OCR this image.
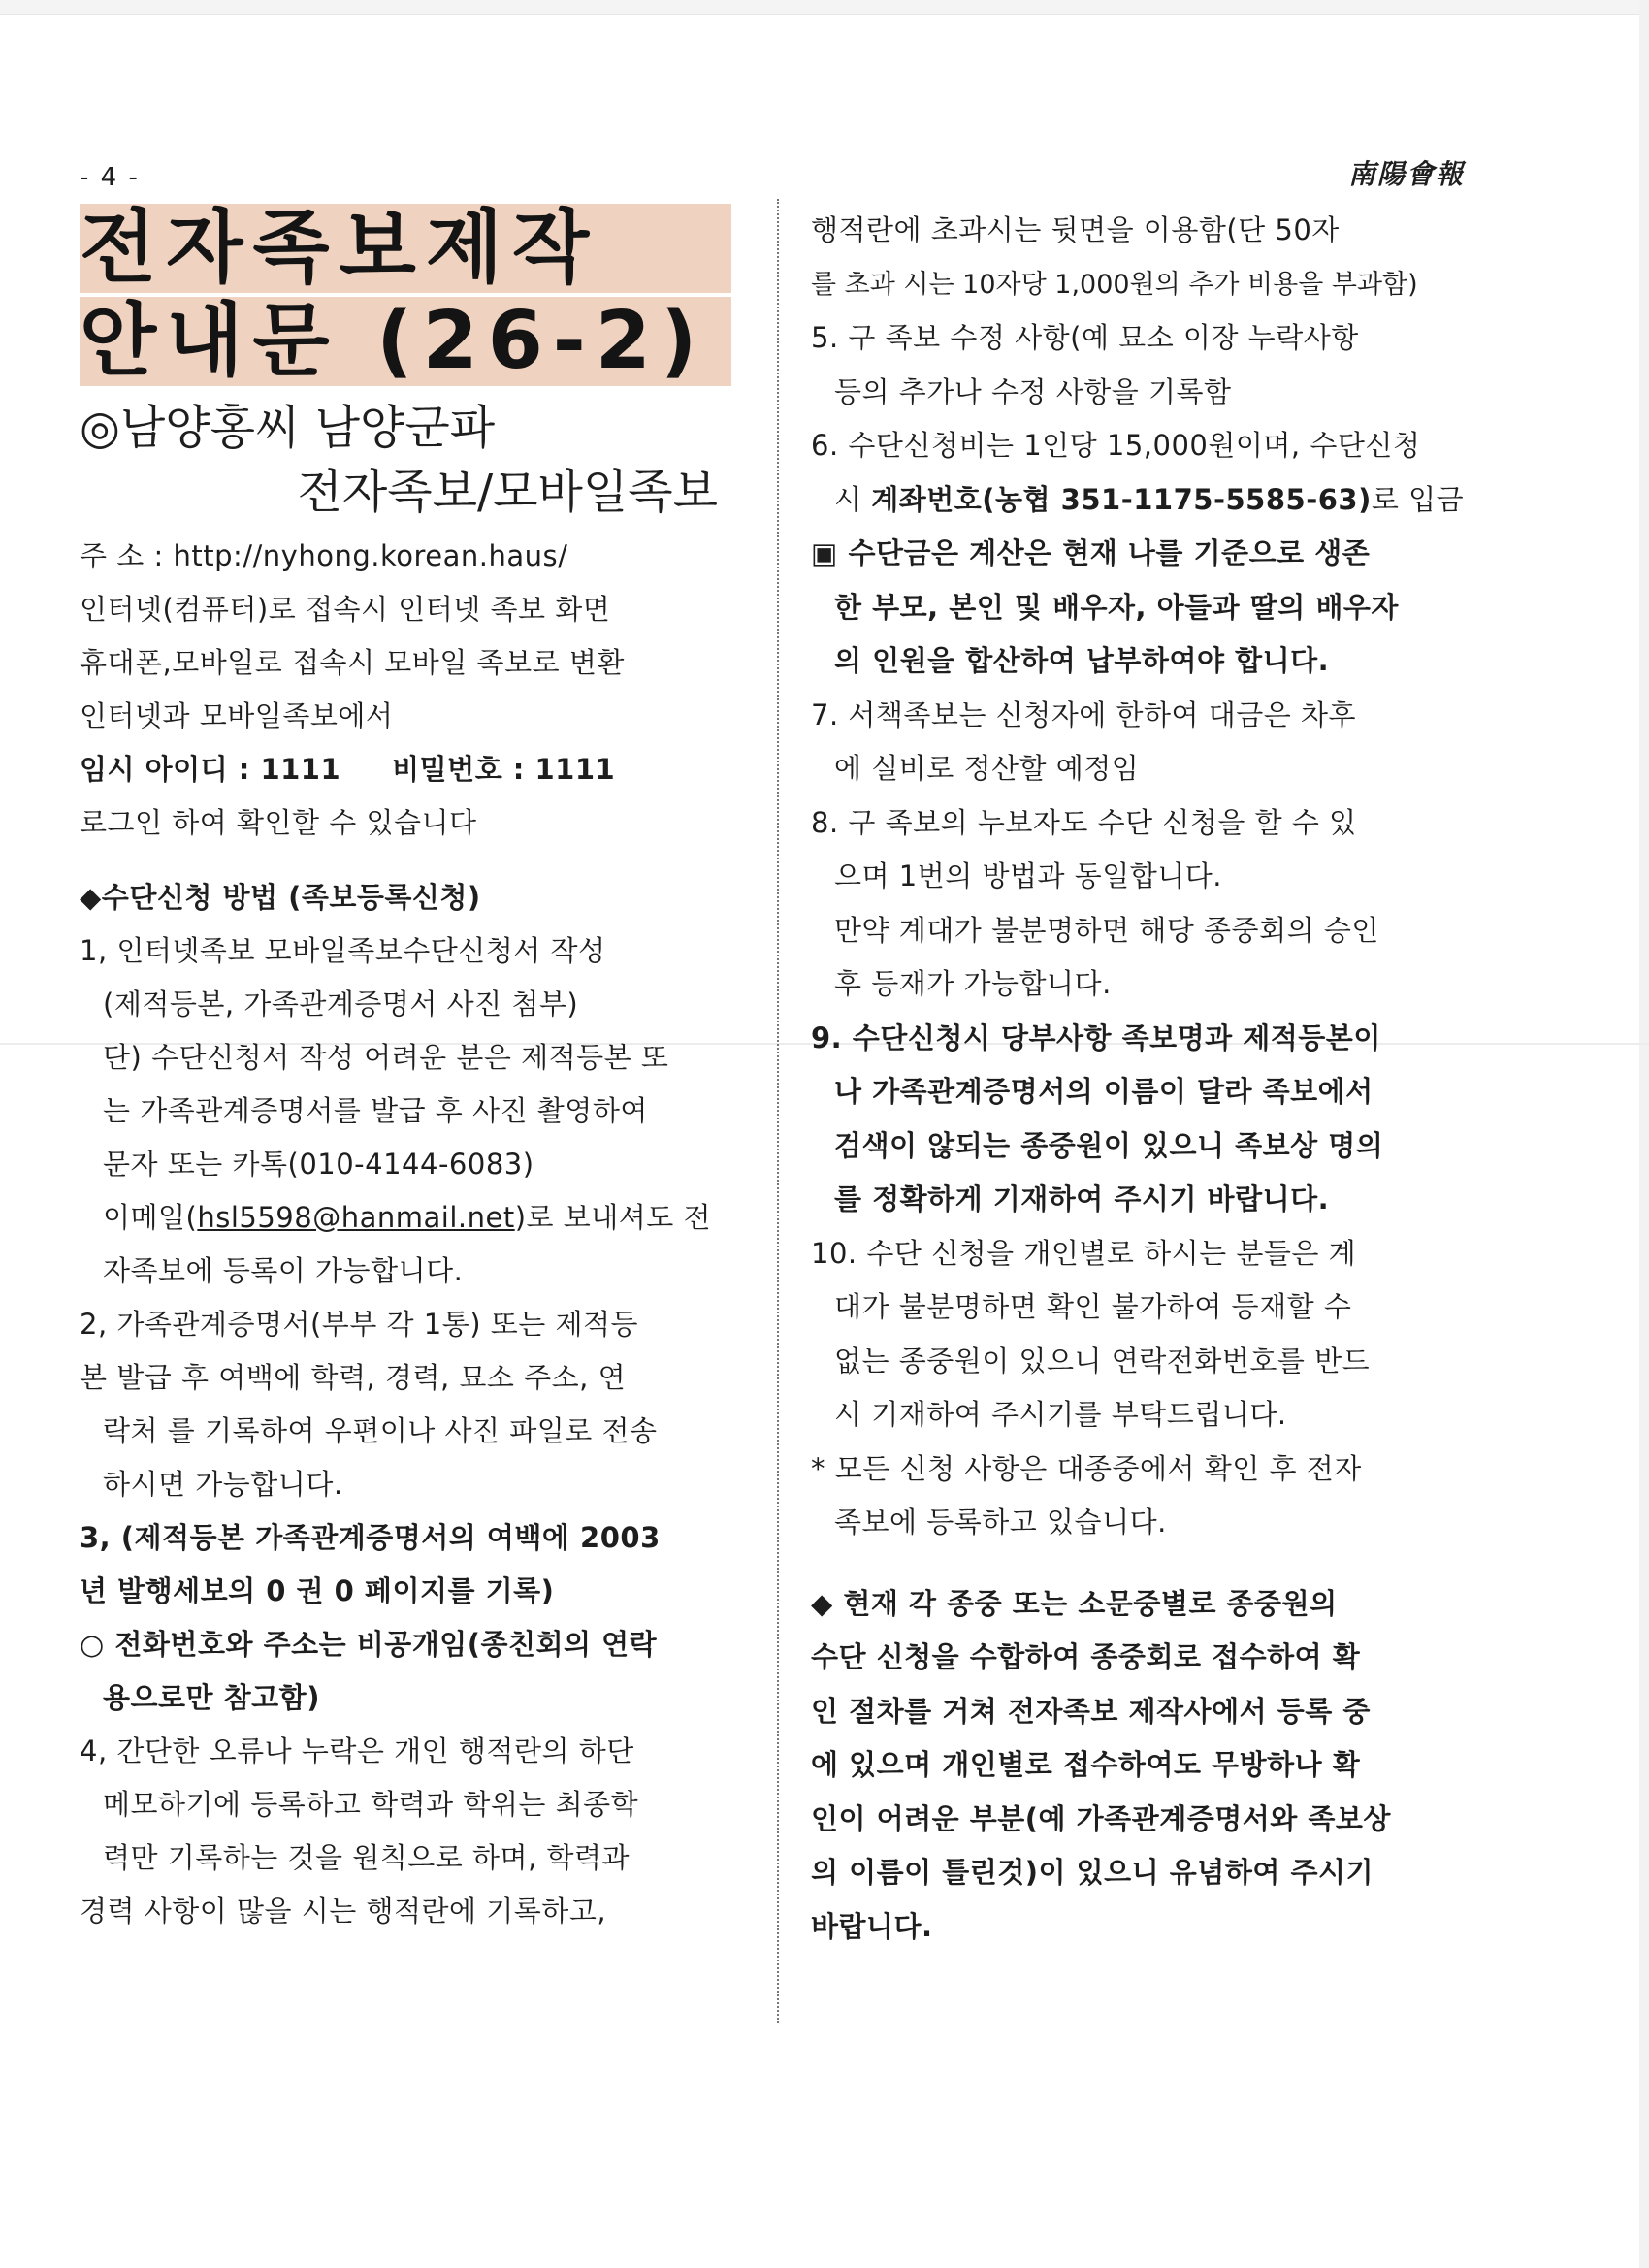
- 4 -	南陽會報
전자족보제작
안내문 (26-2)
◎남양홍씨 남양군파
전자족보/모바일족보
주 소 : http://nyhong.korean.haus/
인터넷(컴퓨터)로 접속시 인터넷 족보 화면
휴대폰,모바일로 접속시 모바일 족보로 변환
인터넷과 모바일족보에서
임시 아이디 : 1111     비밀번호 : 1111
로그인 하여 확인할 수 있습니다
◆수단신청 방법 (족보등록신청)
1, 인터넷족보 모바일족보수단신청서 작성
(제적등본, 가족관계증명서 사진 첨부)
단) 수단신청서 작성 어려운 분은 제적등본 또
는 가족관계증명서를 발급 후 사진 촬영하여
문자 또는 카톡(010-4144-6083)
이메일(hsl5598@hanmail.net)로 보내셔도 전
자족보에 등록이 가능합니다.
2, 가족관계증명서(부부 각 1통) 또는 제적등
본 발급 후 여백에 학력, 경력, 묘소 주소, 연
락처 를 기록하여 우편이나 사진 파일로 전송
하시면 가능합니다.
3, (제적등본 가족관계증명서의 여백에 2003
년 발행세보의 0 권 0 페이지를 기록)
○ 전화번호와 주소는 비공개임(종친회의 연락
용으로만 참고함)
4, 간단한 오류나 누락은 개인 행적란의 하단
메모하기에 등록하고 학력과 학위는 최종학
력만 기록하는 것을 원칙으로 하며, 학력과
경력 사항이 많을 시는 행적란에 기록하고,
행적란에 초과시는 뒷면을 이용함(단 50자
를 초과 시는 10자당 1,000원의 추가 비용을 부과함)
5. 구 족보 수정 사항(예 묘소 이장 누락사항
등의 추가나 수정 사항을 기록함
6. 수단신청비는 1인당 15,000원이며, 수단신청
시 계좌번호(농협 351-1175-5585-63)로 입금
▣ 수단금은 계산은 현재 나를 기준으로 생존
한 부모, 본인 및 배우자, 아들과 딸의 배우자
의 인원을 합산하여 납부하여야 합니다.
7. 서책족보는 신청자에 한하여 대금은 차후
에 실비로 정산할 예정임
8. 구 족보의 누보자도 수단 신청을 할 수 있
으며 1번의 방법과 동일합니다.
만약 계대가 불분명하면 해당 종중회의 승인
후 등재가 가능합니다.
9. 수단신청시 당부사항 족보명과 제적등본이
나 가족관계증명서의 이름이 달라 족보에서
검색이 않되는 종중원이 있으니 족보상 명의
를 정확하게 기재하여 주시기 바랍니다.
10. 수단 신청을 개인별로 하시는 분들은 계
대가 불분명하면 확인 불가하여 등재할 수
없는 종중원이 있으니 연락전화번호를 반드
시 기재하여 주시기를 부탁드립니다.
* 모든 신청 사항은 대종중에서 확인 후 전자
족보에 등록하고 있습니다.
◆ 현재 각 종중 또는 소문중별로 종중원의
수단 신청을 수합하여 종중회로 접수하여 확
인 절차를 거쳐 전자족보 제작사에서 등록 중
에 있으며 개인별로 접수하여도 무방하나 확
인이 어려운 부분(예 가족관계증명서와 족보상
의 이름이 틀린것)이 있으니 유념하여 주시기
바랍니다.
